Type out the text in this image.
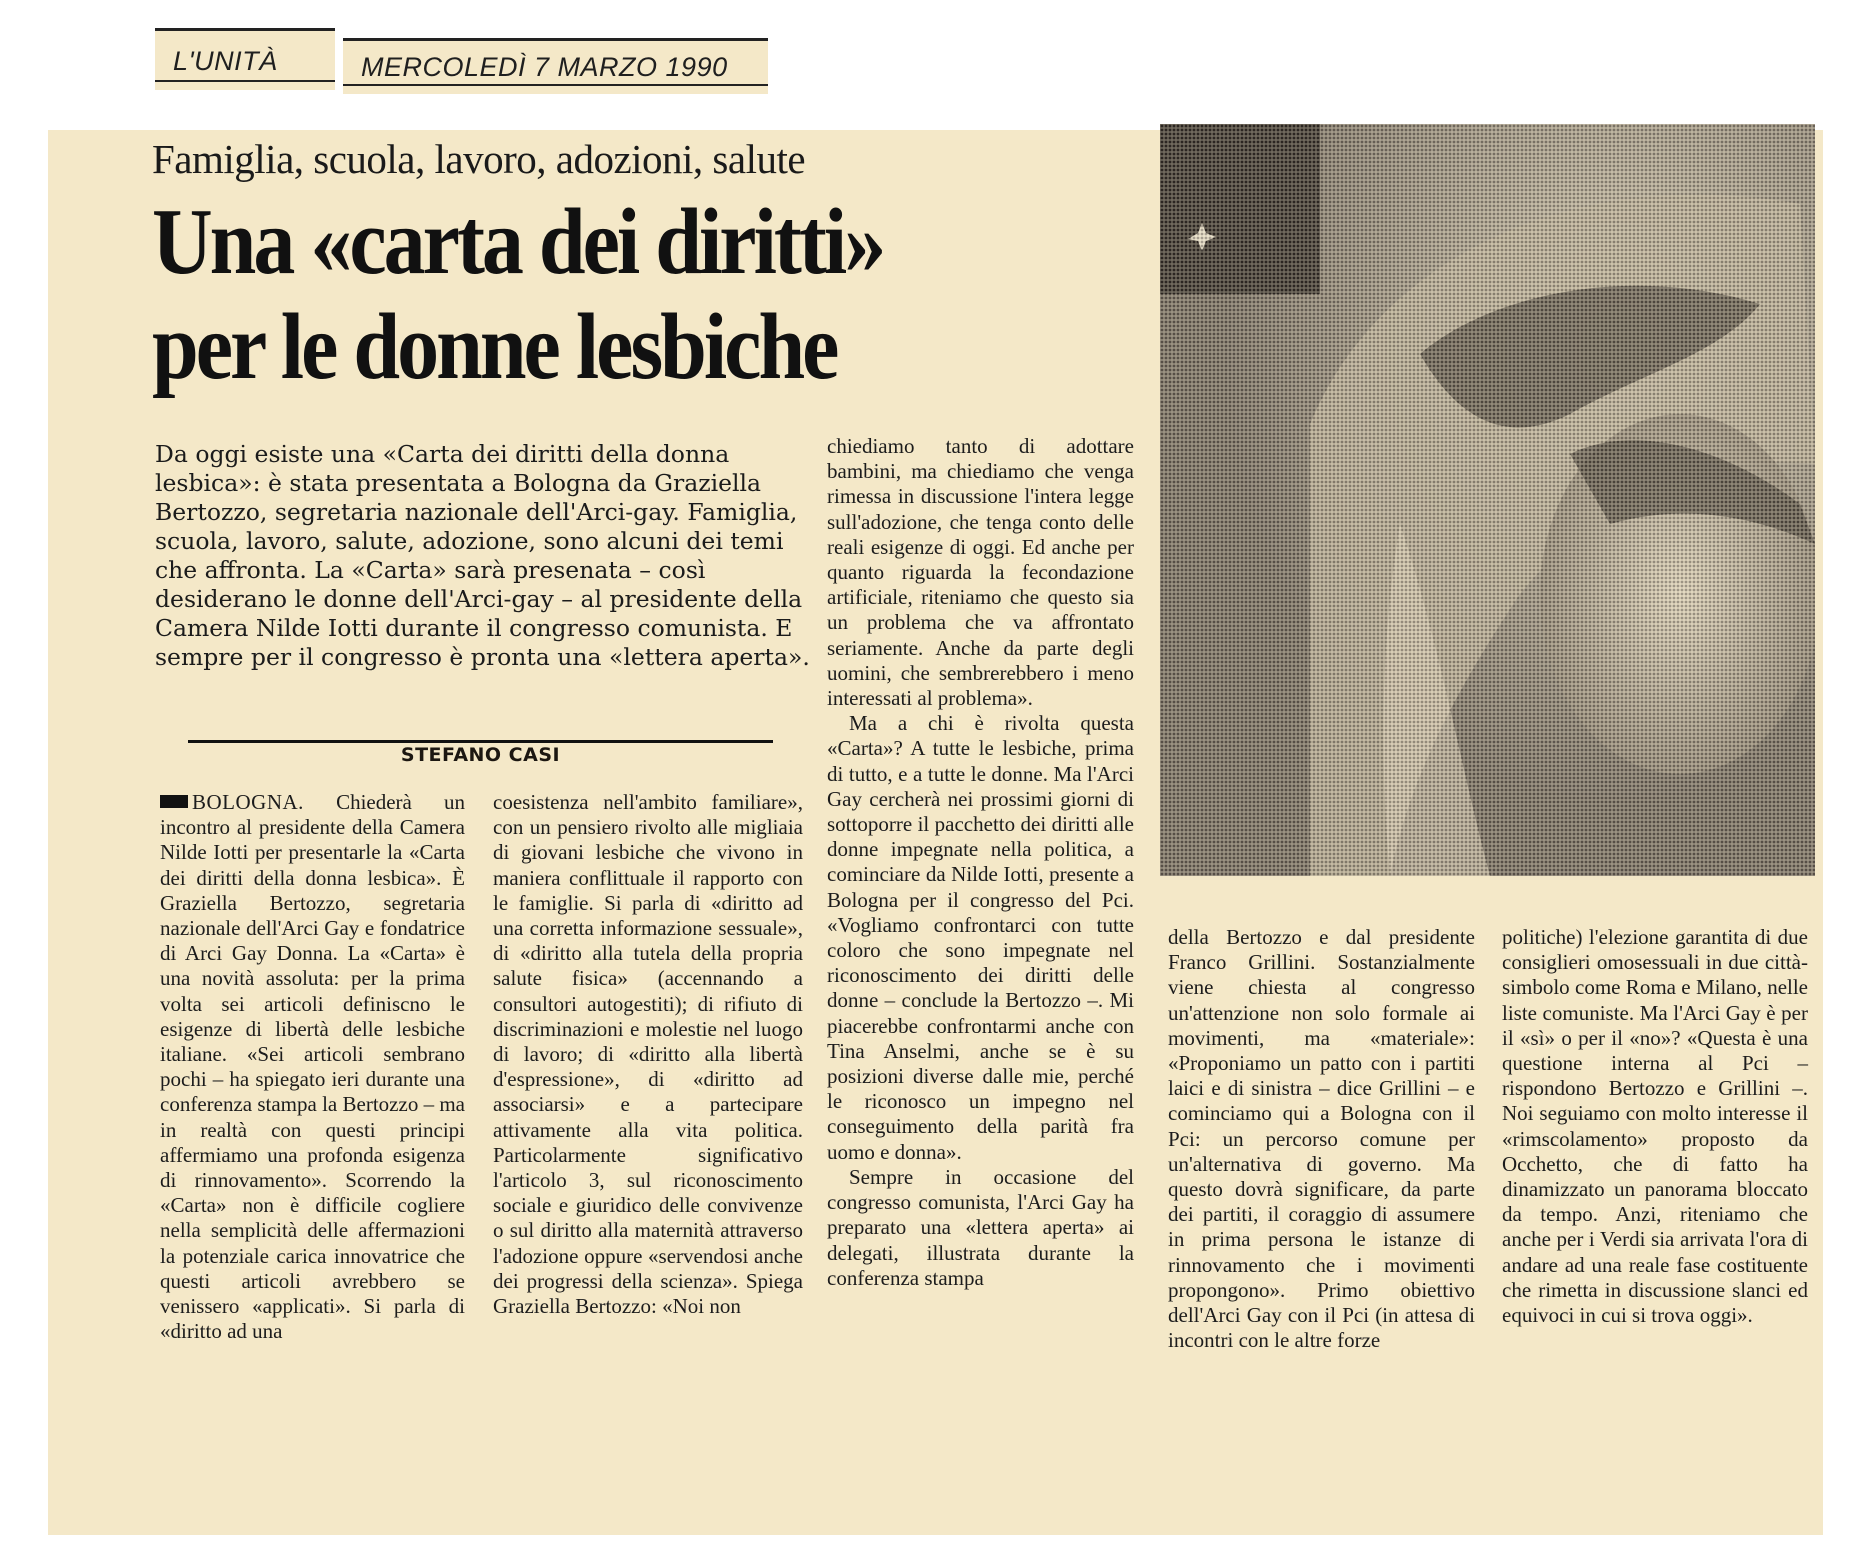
L'UNITÀ	MERCOLEDÌ 7 MARZO 1990
Famiglia, scuola, lavoro, adozioni, salute
Una «carta dei diritti»
per le donne lesbiche
Da oggi esiste una «Carta dei diritti della donna lesbica»: è stata presentata a Bologna da Graziella Bertozzo, segretaria nazionale dell'Arci-gay. Famiglia, scuola, lavoro, salute, adozione, sono alcuni dei temi che affronta. La «Carta» sarà presenata – così desiderano le donne dell'Arci-gay – al presidente della Camera Nilde Iotti durante il congresso comunista. E sempre per il congresso è pronta una «lettera aperta».
STEFANO CASI

BOLOGNA. Chiederà un incontro al presidente della Camera Nilde Iotti per presentarle la «Carta dei diritti della donna lesbica». È Graziella Bertozzo, segretaria nazionale dell'Arci Gay e fondatrice di Arci Gay Donna. La «Carta» è una novità assoluta: per la prima volta sei articoli definiscno le esigenze di libertà delle lesbiche italiane. «Sei articoli sembrano pochi – ha spiegato ieri durante una conferenza stampa la Bertozzo – ma in realtà con questi principi affermiamo una profonda esigenza di rinnovamento». Scorrendo la «Carta» non è difficile cogliere nella semplicità delle affermazioni la potenziale carica innovatrice che questi articoli avrebbero se venissero «applicati». Si parla di «diritto ad una

coesistenza nell'ambito familiare», con un pensiero rivolto alle migliaia di giovani lesbiche che vivono in maniera conflittuale il rapporto con le famiglie. Si parla di «diritto ad una corretta informazione sessuale», di «diritto alla tutela della propria salute fisica» (accennando a consultori autogestiti); di rifiuto di discriminazioni e molestie nel luogo di lavoro; di «diritto alla libertà d'espressione», di «diritto ad associarsi» e a partecipare attivamente alla vita politica. Particolarmente significativo l'articolo 3, sul riconoscimento sociale e giuridico delle convivenze o sul diritto alla maternità attraverso l'adozione oppure «servendosi anche dei progressi della scienza». Spiega Graziella Bertozzo: «Noi non

chiediamo tanto di adottare bambini, ma chiediamo che venga rimessa in discussione l'intera legge sull'adozione, che tenga conto delle reali esigenze di oggi. Ed anche per quanto riguarda la fecondazione artificiale, riteniamo che questo sia un problema che va affrontato seriamente. Anche da parte degli uomini, che sembrerebbero i meno interessati al problema».

Ma a chi è rivolta questa «Carta»? A tutte le lesbiche, prima di tutto, e a tutte le donne. Ma l'Arci Gay cercherà nei prossimi giorni di sottoporre il pacchetto dei diritti alle donne impegnate nella politica, a cominciare da Nilde Iotti, presente a Bologna per il congresso del Pci. «Vogliamo confrontarci con tutte coloro che sono impegnate nel riconoscimento dei diritti delle donne – conclude la Bertozzo –. Mi piacerebbe confrontarmi anche con Tina Anselmi, anche se è su posizioni diverse dalle mie, perché le riconosco un impegno nel conseguimento della parità fra uomo e donna».

Sempre in occasione del congresso comunista, l'Arci Gay ha preparato una «lettera aperta» ai delegati, illustrata durante la conferenza stampa

della Bertozzo e dal presidente Franco Grillini. Sostanzialmente viene chiesta al congresso un'attenzione non solo formale ai movimenti, ma «materiale»: «Proponiamo un patto con i partiti laici e di sinistra – dice Grillini – e cominciamo qui a Bologna con il Pci: un percorso comune per un'alternativa di governo. Ma questo dovrà significare, da parte dei partiti, il coraggio di assumere in prima persona le istanze di rinnovamento che i movimenti propongono». Primo obiettivo dell'Arci Gay con il Pci (in attesa di incontri con le altre forze

politiche) l'elezione garantita di due consiglieri omosessuali in due città-simbolo come Roma e Milano, nelle liste comuniste. Ma l'Arci Gay è per il «sì» o per il «no»? «Questa è una questione interna al Pci – rispondono Bertozzo e Grillini –. Noi seguiamo con molto interesse il «rimscolamento» proposto da Occhetto, che di fatto ha dinamizzato un panorama bloccato da tempo. Anzi, riteniamo che anche per i Verdi sia arrivata l'ora di andare ad una reale fase costituente che rimetta in discussione slanci ed equivoci in cui si trova oggi».
